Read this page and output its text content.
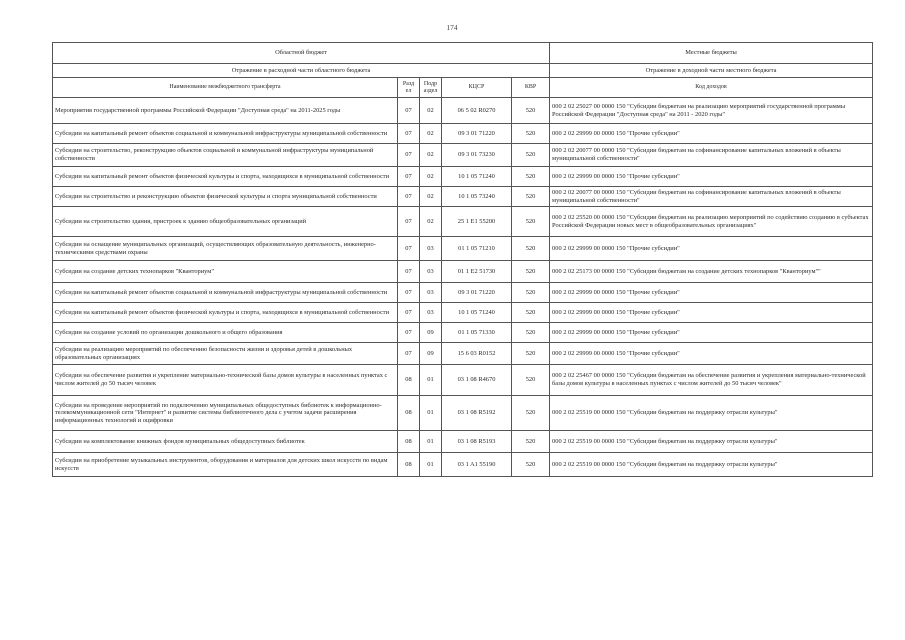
174
Областной бюджет					Местные бюджеты
Отражение в расходной части областного бюджета					Отражение в доходной части местного бюджета
Наименование межбюджетного трансферта	Разд ел	Подр аздел	КЦСР	КВР	Код доходов
Мероприятия государственной программы Российской Федерации "Доступная среда" на 2011-2025 годы	07	02	06 5 02 R0270	520	000 2 02 25027 00 0000 150 "Субсидии бюджетам на реализацию мероприятий государственной программы Российской Федерации "Доступная среда" на 2011 - 2020 годы"
Субсидии на капитальный ремонт объектов социальной и коммунальной инфраструктуры муниципальной собственности	07	02	09 3 01 71220	520	000 2 02 29999 00 0000 150 "Прочие субсидии"
Субсидии на строительство, реконструкцию объектов социальной и коммунальной инфраструктуры муниципальной собственности	07	02	09 3 01 73230	520	000 2 02 20077 00 0000 150 "Субсидии бюджетам на софинансирование капитальных вложений в объекты муниципальной собственности"
Субсидии на капитальный ремонт объектов физической культуры и спорта, находящихся в муниципальной собственности	07	02	10 1 05 71240	520	000 2 02 29999 00 0000 150 "Прочие субсидии"
Субсидии на строительство и реконструкцию объектов физической культуры и спорта муниципальной собственности	07	02	10 1 05 73240	520	000 2 02 20077 00 0000 150 "Субсидии бюджетам на софинансирование капитальных вложений в объекты муниципальной собственности"
Субсидии на строительство здания, пристроек к зданию общеобразовательных организаций	07	02	25 1 E1 55200	520	000 2 02 25520 00 0000 150 "Субсидии бюджетам на реализацию мероприятий по содействию созданию в субъектах Российской Федерации новых мест в общеобразовательных организациях"
Субсидии на оснащение муниципальных организаций, осуществляющих образовательную деятельность, инженерно-техническими средствами охраны	07	03	01 1 05 71210	520	000 2 02 29999 00 0000 150 "Прочие субсидии"
Субсидии на создание детских технопарков "Кванториум"	07	03	01 1 E2 51730	520	000 2 02 25173 00 0000 150 "Субсидии бюджетам на создание детских технопарков "Кванториум""
Субсидии на капитальный ремонт объектов социальной и коммунальной инфраструктуры муниципальной собственности	07	03	09 3 01 71220	520	000 2 02 29999 00 0000 150 "Прочие субсидии"
Субсидии на капитальный ремонт объектов физической культуры и спорта, находящихся в муниципальной собственности	07	03	10 1 05 71240	520	000 2 02 29999 00 0000 150 "Прочие субсидии"
Субсидии на создание условий по организации дошкольного и общего образования	07	09	01 1 05 71330	520	000 2 02 29999 00 0000 150 "Прочие субсидии"
Субсидии на реализацию мероприятий по обеспечению безопасности жизни и здоровья детей в дошкольных образовательных организациях	07	09	15 6 03 R0152	520	000 2 02 29999 00 0000 150 "Прочие субсидии"
Субсидии на обеспечение развития и укрепление материально-технической базы домов культуры в населенных пунктах с числом жителей до 50 тысяч человек	08	01	03 1 08 R4670	520	000 2 02 25467 00 0000 150 "Субсидии бюджетам на обеспечение развития и укрепления материально-технической базы домов культуры в населенных пунктах с числом жителей до 50 тысяч человек"
Субсидии на проведение мероприятий по подключению муниципальных общедоступных библиотек к информационно-телекоммуникационной сети "Интернет" и развитие системы библиотечного дела с учетом задачи расширения информационных технологий и оцифровки	08	01	03 1 08 R5192	520	000 2 02 25519 00 0000 150 "Субсидии бюджетам на поддержку отрасли культуры"
Субсидии на комплектование книжных фондов муниципальных общедоступных библиотек	08	01	03 1 08 R5193	520	000 2 02 25519 00 0000 150 "Субсидии бюджетам на поддержку отрасли культуры"
Субсидии на приобретение музыкальных инструментов, оборудования и материалов для детских школ искусств по видам искусств	08	01	03 1 A1 55190	520	000 2 02 25519 00 0000 150 "Субсидии бюджетам на поддержку отрасли культуры"
